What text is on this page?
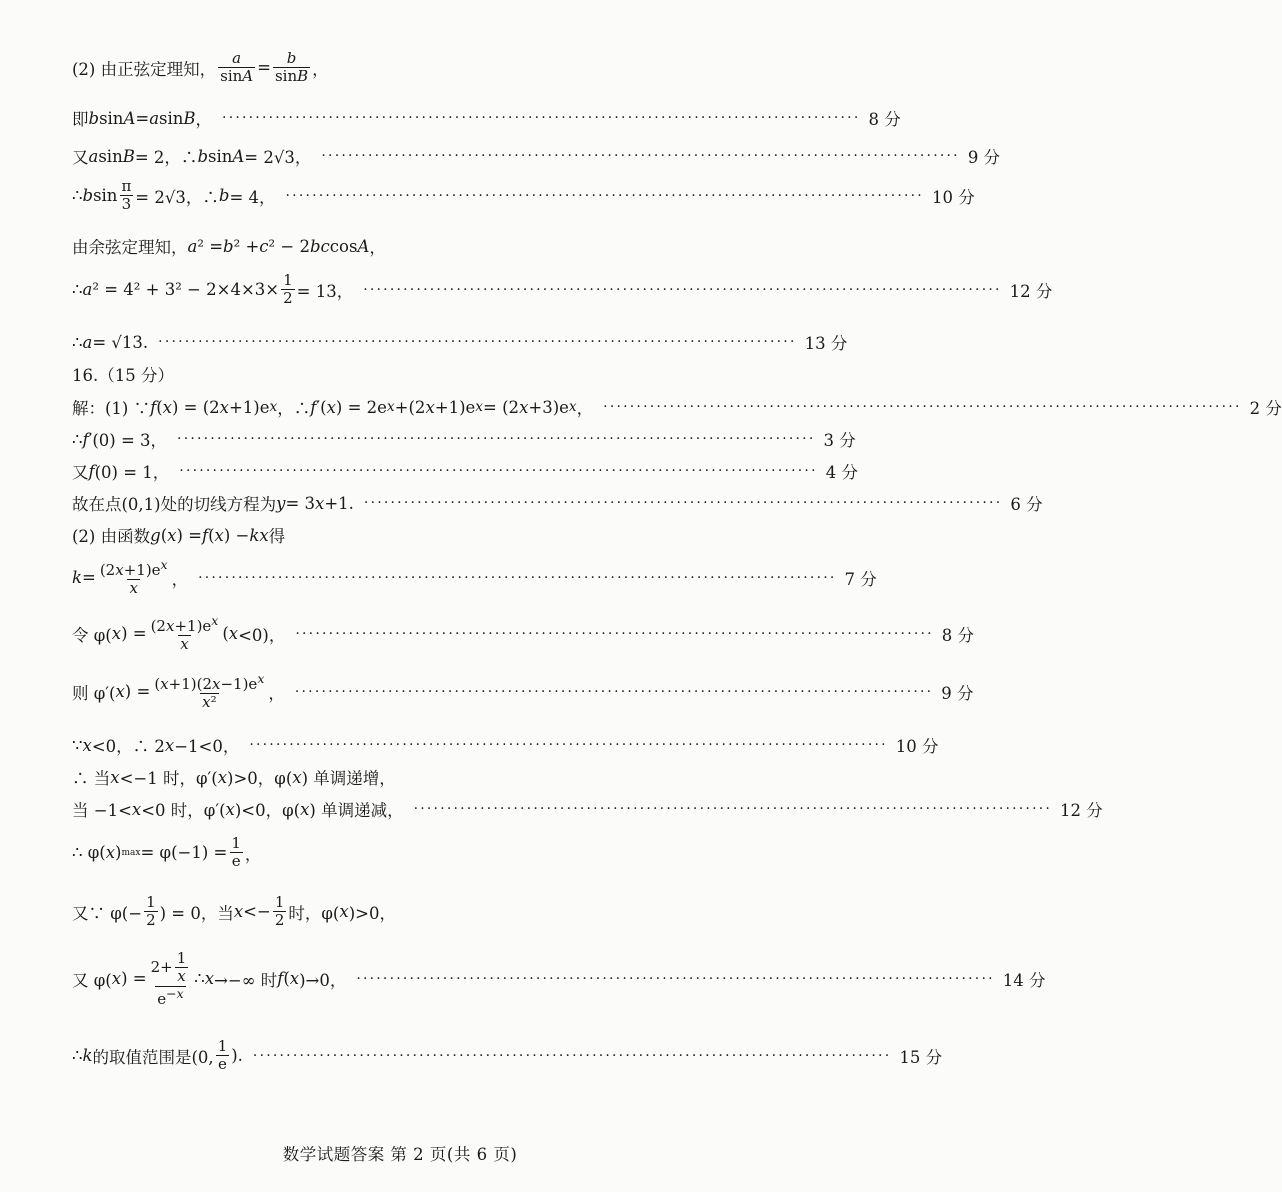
(2) 由正弦定理知， $\frac{a}{\sin A} = \frac{b}{\sin B}$ ，
即 b sin A = a sin B ， ································································································ 8 分
又 a sin B = 2，∴ b sin A = 2√3， ································································································ 9 分
∴ b $\sin \frac{\pi}{3} = 2√3$，∴ b = 4， ································································································ 10 分
由余弦定理知， a ² = b ² + c ² − 2 bc cos A ，
∴ a $^2 = 4^2 + 3^2 - 2\times 4\times 3\times \frac{1}{2} = 13$， ································································································ 12 分
∴ a = √13. ································································································ 13 分
16.（15 分）
解：(1) ∵ f ( x ) = (2 x +1)e x ，∴ f ′( x ) = 2e x +(2 x +1)e x = (2 x +3)e x ， ································································································ 2 分
∴ f ′(0) = 3， ································································································ 3 分
又 f (0) = 1， ································································································ 4 分
故在点(0,1)处的切线方程为 y = 3 x +1. ································································································ 6 分
(2) 由函数 g ( x ) = f ( x ) − kx 得
$k = \frac{(2x+1)e^x}{x}$ ， ································································································ 7 分
令 φ( x ) = $\frac{(2x+1)e^x}{x}$ ( x <0)， ································································································ 8 分
则 φ′( x ) = $\frac{(x+1)(2x-1)e^x}{\text{x²}}$ ， ································································································ 9 分
∵ x <0，∴ 2 x −1<0， ································································································ 10 分
∴ 当 x <−1 时，φ′( x )>0，φ( x ) 单调递增，
当 −1< x <0 时，φ′( x )<0，φ( x ) 单调递减， ································································································ 12 分
∴ φ( x ) $\max = \varphi(-1) = \frac{1}{e}$ ，
又∵ $\varphi(- \frac{1}{2}$ ) = 0，当 $x <- \frac{1}{2}$ 时，φ( x )>0，
又 φ( x ) = $\frac{2+ \frac{1}{x}}{e^{-x}}$ ∴ x →−∞ 时 f ( x )→0， ································································································ 14 分
∴ k 的取值范围是(0, $\frac{1}{e}$ ). ································································································ 15 分
数学试题答案 第 2 页(共 6 页)
